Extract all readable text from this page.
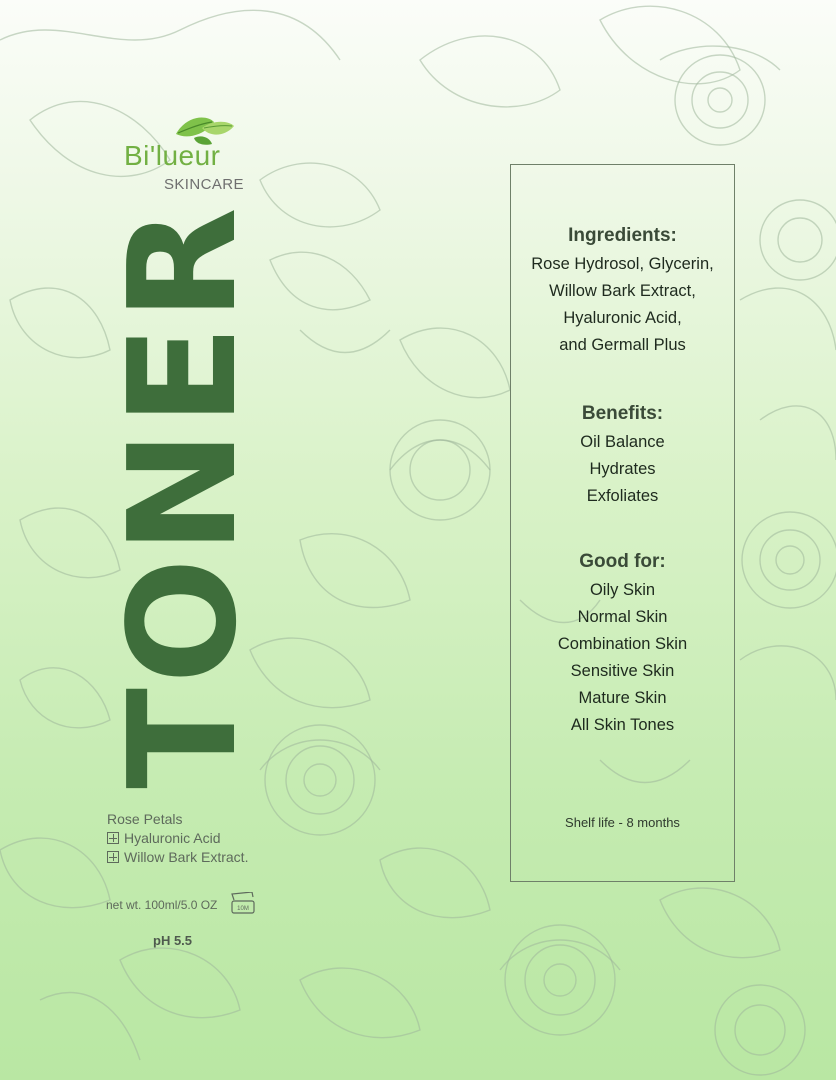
Bi'lueur
SKINCARE
TONER
Rose Petals
Hyaluronic Acid
Willow Bark Extract.
net wt. 100ml/5.0 OZ	10M
pH 5.5
Ingredients:
Rose Hydrosol, Glycerin,
Willow Bark Extract,
Hyaluronic Acid,
and Germall Plus
Benefits:
Oil Balance
Hydrates
Exfoliates
Good for:
Oily Skin
Normal Skin
Combination Skin
Sensitive Skin
Mature Skin
All Skin Tones
Shelf life - 8 months
